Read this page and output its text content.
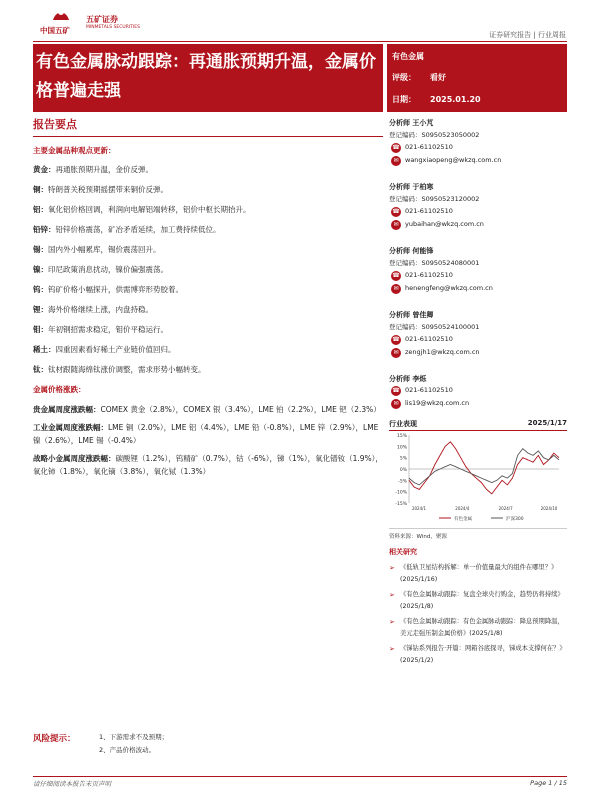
中国五矿
五矿证券
MINMETALS SECURITIES
证券研究报告 | 行业周报
有色金属脉动跟踪：再通胀预期升温，金属价格普遍走强
有色金属
评级： 看好
日期： 2025.01.20
报告要点
主要金属品种观点更新：
黄金：再通胀预期升温，金价反弹。
铜：特朗普关税预期摇摆带来铜价反弹。
铝：氧化铝价格回调，利润向电解铝端转移，铝价中枢长期抬升。
铅锌：铅锌价格震荡，矿冶矛盾延续，加工费持续低位。
锡：国内外小幅累库，锡价震荡回升。
镍：印尼政策消息扰动，镍价偏强震荡。
钨：钨矿价格小幅探升，供需博弈形势胶着。
锂：海外价格继续上涨，内盘持稳。
钼：年初钢招需求稳定，钼价平稳运行。
稀土：四重因素看好稀土产业链价值回归。
钛：钛材跟随海绵钛涨价调整，需求形势小幅转变。
金属价格涨跌：
贵金属周度涨跌幅：COMEX 黄金（2.8%），COMEX 银（3.4%），LME 铂（2.2%），LME 钯（2.3%）
工业金属周度涨跌幅：LME 铜（2.0%），LME 铝（4.4%），LME 铅（-0.8%），LME 锌（2.9%），LME 镍（2.6%），LME 锡（-0.4%）
战略小金属周度涨跌幅：碳酸锂（1.2%），钨精矿（0.7%），钴（-6%），锑（1%），氧化镨钕（1.9%），氧化铈（1.8%），氧化镝（3.8%），氧化铽（1.3%）
风险提示：	1、下游需求不及预期；
2、产品价格波动。
分析师 王小芃
登记编码：S0950523050002
☎ 021-61102510
✉ wangxiaopeng@wkzq.com.cn
分析师 于柏寒
登记编码：S0950523120002
☎ 021-61102510
✉ yubaihan@wkzq.com.cn
分析师 何能锋
登记编码：S0950524080001
☎ 021-61102510
✉ henengfeng@wkzq.com.cn
分析师 曾佳卿
登记编码：S0950524100001
☎ 021-61102510
✉ zengjh1@wkzq.com.cn
分析师 李烁
☎ 021-61102510
✉ lis19@wkzq.com.cn
行业表现	2025/1/17
15%
10%
5%
0%
-5%
-10%
-15%
2024/1	2024/4	2024/7	2024/10
有色金属	沪深300
资料来源：Wind，聚源
相关研究
➢ 《低轨卫星结构拆解：单一价值量最大的组件在哪里？》(2025/1/16)
➢ 《有色金属脉动跟踪：复盘全球央行购金，趋势仍将持续》(2025/1/8)
➢ 《有色金属脉动跟踪：有色金属脉动跟踪：降息预期降温，美元走强压制金属价格》(2025/1/8)
➢ 《锑钴系列报告·开篇：网箱谷底探寻，锑成本支撑何在？》(2025/1/2)
请仔细阅读本报告末页声明	Page 1 / 15
